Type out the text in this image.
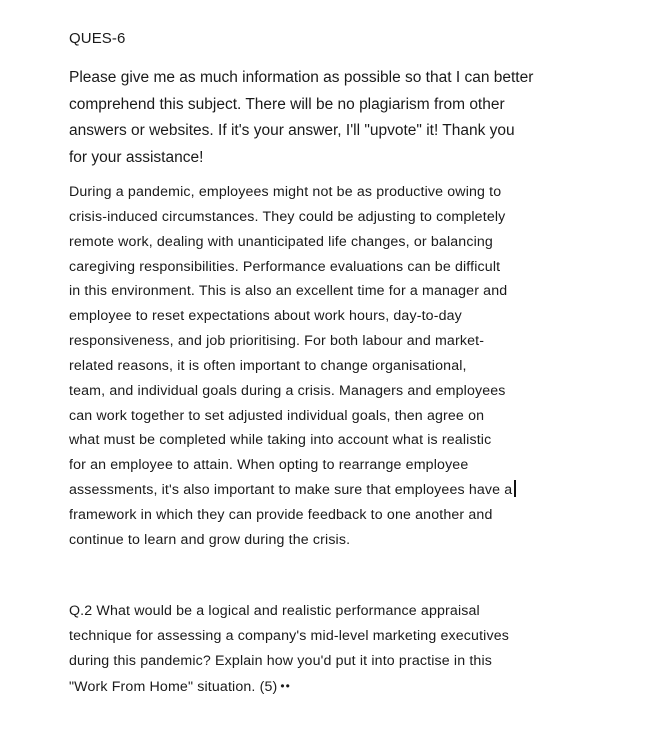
QUES-6
Please give me as much information as possible so that I can better
comprehend this subject. There will be no plagiarism from other
answers or websites. If it's your answer, I'll "upvote" it! Thank you
for your assistance!
During a pandemic, employees might not be as productive owing to
crisis-induced circumstances. They could be adjusting to completely
remote work, dealing with unanticipated life changes, or balancing
caregiving responsibilities. Performance evaluations can be difficult
in this environment. This is also an excellent time for a manager and
employee to reset expectations about work hours, day-to-day
responsiveness, and job prioritising. For both labour and market-
related reasons, it is often important to change organisational,
team, and individual goals during a crisis. Managers and employees
can work together to set adjusted individual goals, then agree on
what must be completed while taking into account what is realistic
for an employee to attain. When opting to rearrange employee
assessments, it's also important to make sure that employees have a
framework in which they can provide feedback to one another and
continue to learn and grow during the crisis.
Q.2 What would be a logical and realistic performance appraisal
technique for assessing a company's mid-level marketing executives
during this pandemic? Explain how you'd put it into practise in this
"Work From Home" situation. (5) ••
